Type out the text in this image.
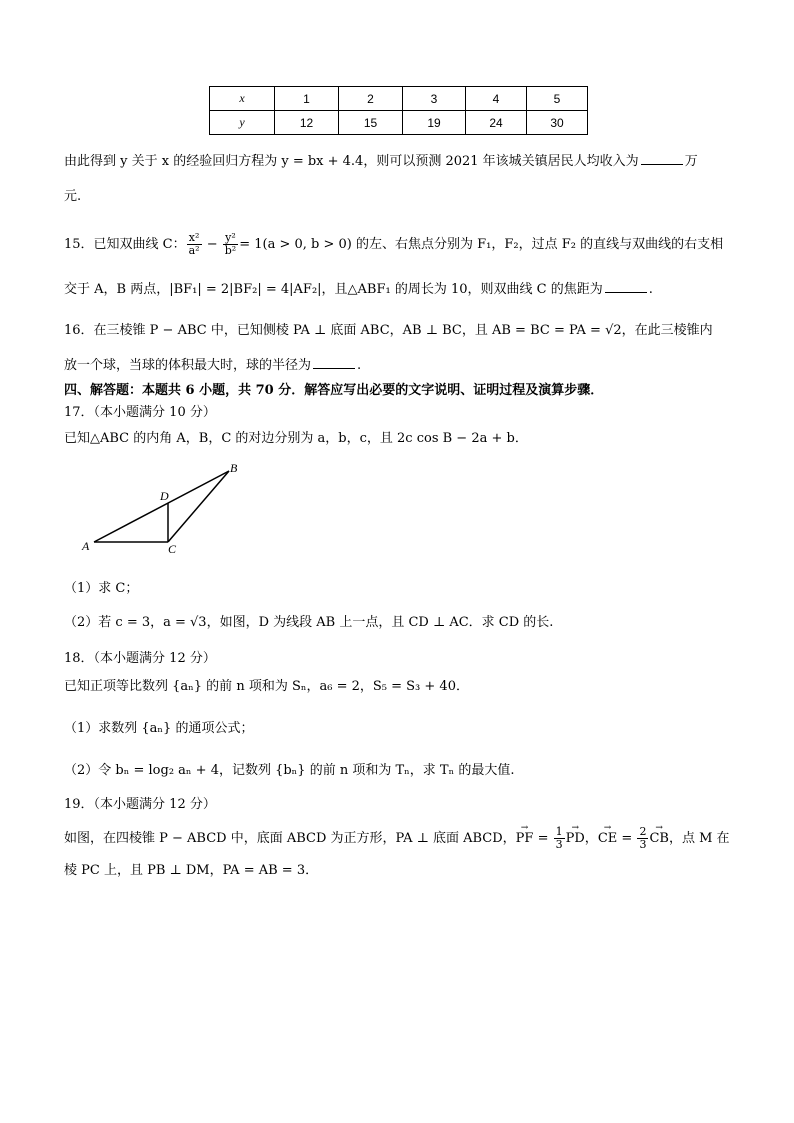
x	1	2	3	4	5
y	12	15	19	24	30
由此得到 y 关于 x 的经验回归方程为 y = bx + 4.4，则可以预测 2021 年该城关镇居民人均收入为	万
元.
15．已知双曲线 C： $\frac{\text{x²}}{\text{a²}} - \frac{\text{y²}}{\text{b²}} = 1(a > 0$, b > 0) 的左、右焦点分别为 F₁，F₂，过点 F₂ 的直线与双曲线的右支相
交于 A，B 两点，|BF₁| = 2|BF₂| = 4|AF₂|，且△ABF₁ 的周长为 10，则双曲线 C 的焦距为	.
16．在三棱锥 P − ABC 中，已知侧棱 PA ⊥ 底面 ABC，AB ⊥ BC，且 AB = BC = PA = √2，在此三棱锥内
放一个球，当球的体积最大时，球的半径为	.
四、解答题：本题共 6 小题，共 70 分．解答应写出必要的文字说明、证明过程及演算步骤．
17．（本小题满分 10 分）
已知△ABC 的内角 A，B，C 的对边分别为 a，b，c，且 2c cos B − 2a + b．
A
B
C
D
（1）求 C；
（2）若 c = 3，a = √3，如图，D 为线段 AB 上一点，且 CD ⊥ AC．求 CD 的长.
18．（本小题满分 12 分）
已知正项等比数列 {aₙ} 的前 n 项和为 Sₙ，a₆ = 2，S₅ = S₃ + 40．
（1）求数列 {aₙ} 的通项公式；
（2）令 bₙ = log₂ aₙ + 4，记数列 {bₙ} 的前 n 项和为 Tₙ，求 Tₙ 的最大值.
19．（本小题满分 12 分）
如图，在四棱锥 P − ABCD 中，底面 ABCD 为正方形，PA ⊥ 底面 ABCD，→ PF = $\frac{1}{3}$ → PD，→ CE = $\frac{2}{3}$ → CB，点 M 在
棱 PC 上，且 PB ⊥ DM，PA = AB = 3．
